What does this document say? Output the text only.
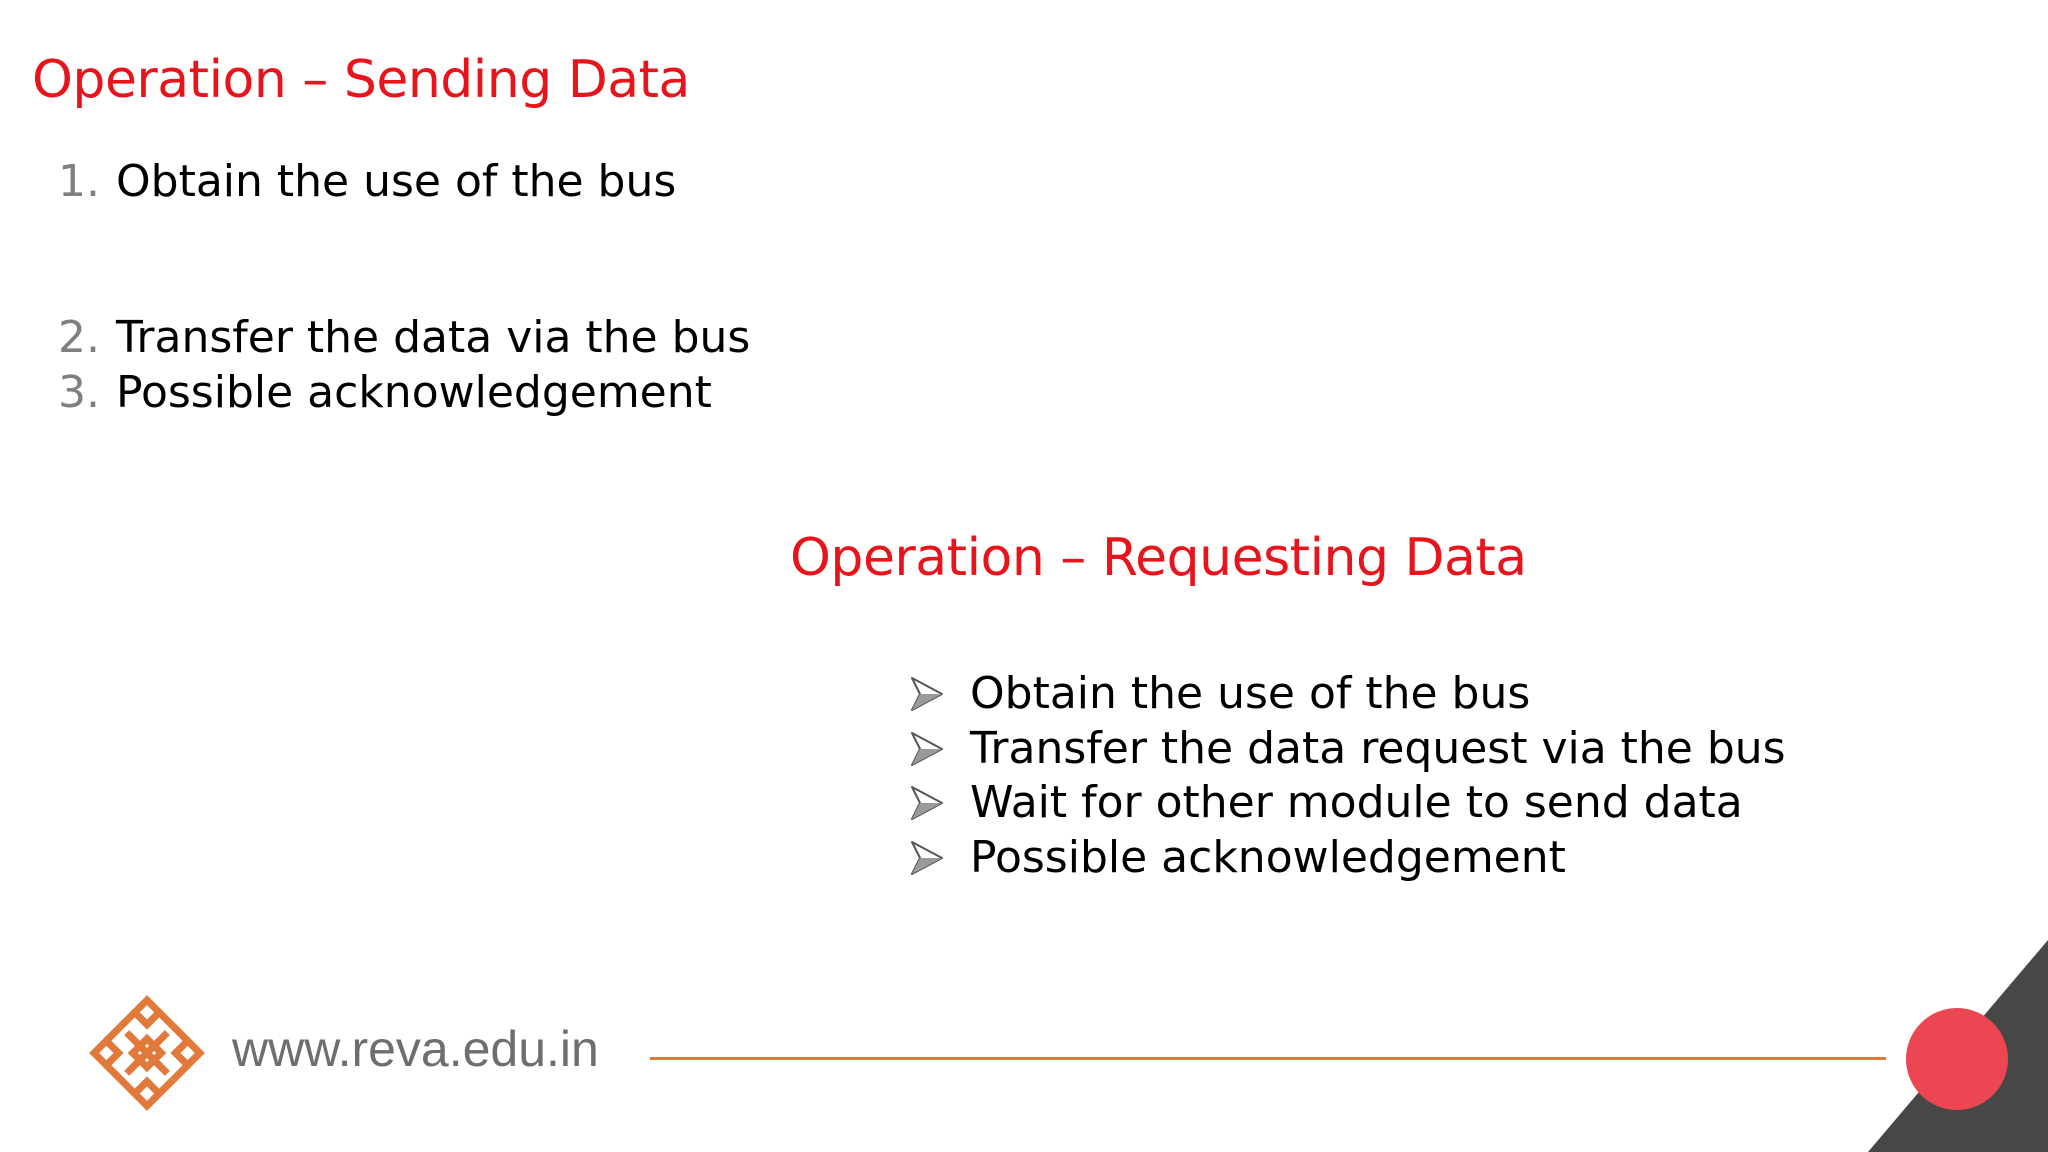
Operation – Sending Data
1. Obtain the use of the bus
2. Transfer the data via the bus
3. Possible acknowledgement
Operation – Requesting Data
Obtain the use of the bus
Transfer the data request via the bus
Wait for other module to send data
Possible acknowledgement
www.reva.edu.in
